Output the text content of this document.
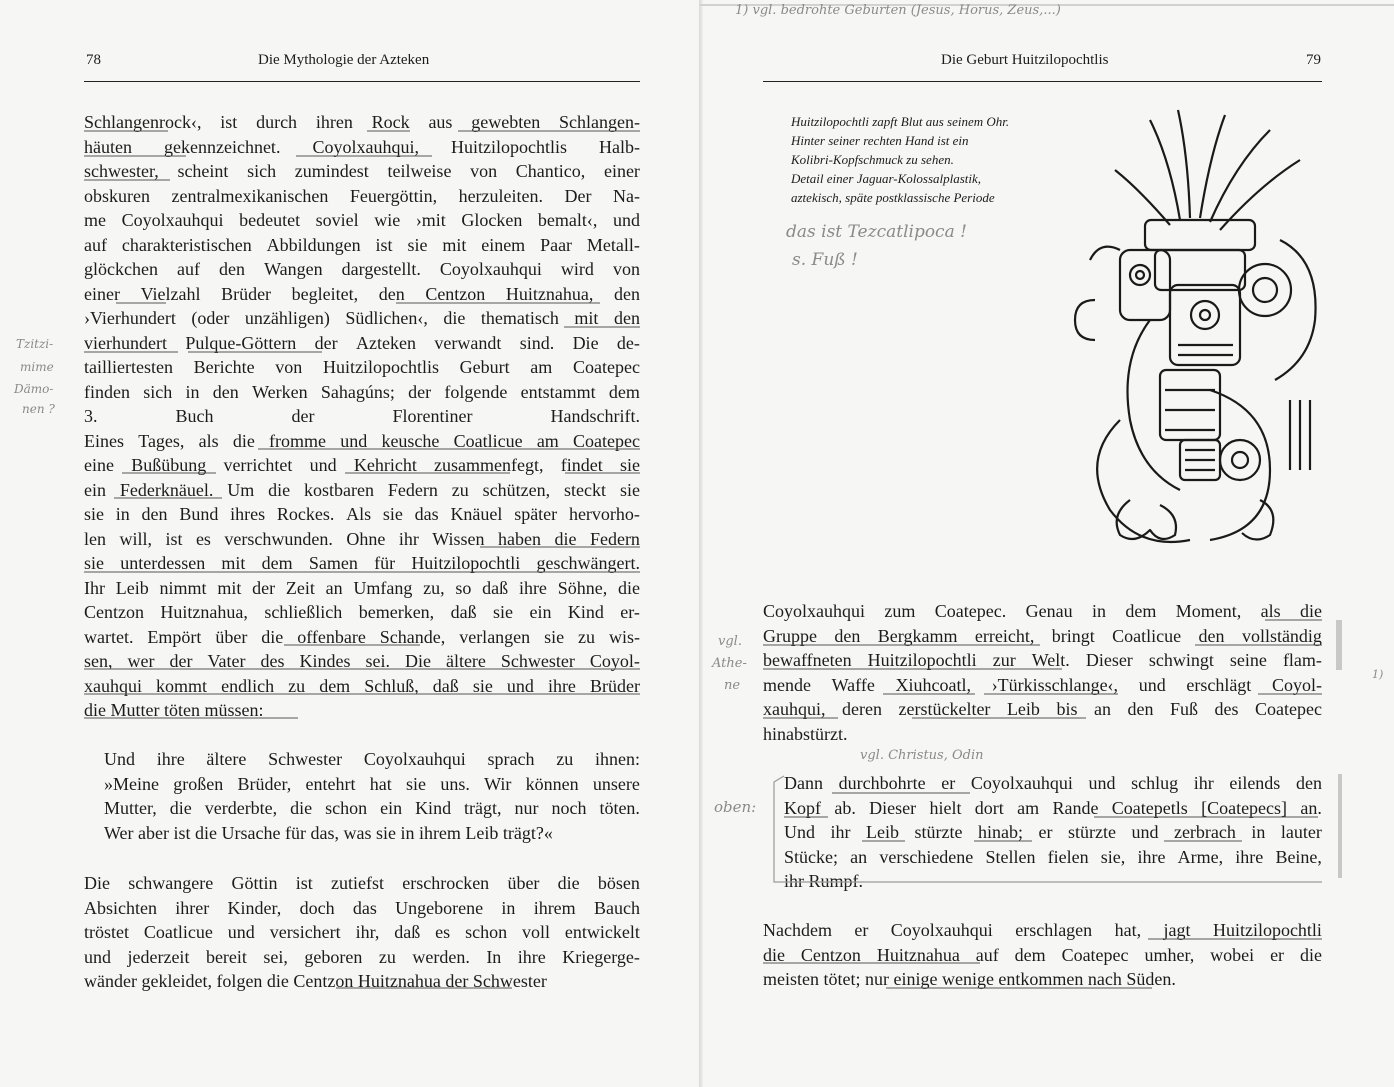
78	Die Mythologie der Azteken	Die Geburt Huitzilopochtlis	79
Schlangenrock‹, ist durch ihren Rock aus gewebten Schlangen-
häuten gekennzeichnet. Coyolxauhqui, Huitzilopochtlis Halb-
schwester, scheint sich zumindest teilweise von Chantico, einer
obskuren zentralmexikanischen Feuergöttin, herzuleiten. Der Na-
me Coyolxauhqui bedeutet soviel wie ›mit Glocken bemalt‹, und
auf charakteristischen Abbildungen ist sie mit einem Paar Metall-
glöckchen auf den Wangen dargestellt. Coyolxauhqui wird von
einer Vielzahl Brüder begleitet, den Centzon Huitznahua, den
›Vierhundert (oder unzähligen) Südlichen‹, die thematisch mit den
vierhundert Pulque-Göttern der Azteken verwandt sind. Die de-
tailliertesten Berichte von Huitzilopochtlis Geburt am Coatepec
finden sich in den Werken Sahagúns; der folgende entstammt dem
3.	Buch	der	Florentiner	Handschrift.
Eines Tages, als die fromme und keusche Coatlicue am Coatepec
eine Bußübung verrichtet und Kehricht zusammenfegt, findet sie
ein Federknäuel. Um die kostbaren Federn zu schützen, steckt sie
sie in den Bund ihres Rockes. Als sie das Knäuel später hervorho-
len will, ist es verschwunden. Ohne ihr Wissen haben die Federn
sie unterdessen mit dem Samen für Huitzilopochtli geschwängert.
Ihr Leib nimmt mit der Zeit an Umfang zu, so daß ihre Söhne, die
Centzon Huitznahua, schließlich bemerken, daß sie ein Kind er-
wartet. Empört über die offenbare Schande, verlangen sie zu wis-
sen, wer der Vater des Kindes sei. Die ältere Schwester Coyol-
xauhqui kommt endlich zu dem Schluß, daß sie und ihre Brüder
die Mutter töten müssen:
Und ihre ältere Schwester Coyolxauhqui sprach zu ihnen:
»Meine großen Brüder, entehrt hat sie uns. Wir können unsere
Mutter, die verderbte, die schon ein Kind trägt, nur noch töten.
Wer aber ist die Ursache für das, was sie in ihrem Leib trägt?«
Die schwangere Göttin ist zutiefst erschrocken über die bösen
Absichten ihrer Kinder, doch das Ungeborene in ihrem Bauch
tröstet Coatlicue und versichert ihr, daß es schon voll entwickelt
und jederzeit bereit sei, geboren zu werden. In ihre Kriegerge-
wänder gekleidet, folgen die Centzon Huitznahua der Schwester
Huitzilopochtli zapft Blut aus seinem Ohr.
Hinter seiner rechten Hand ist ein
Kolibri-Kopfschmuck zu sehen.
Detail einer Jaguar-Kolossalplastik,
aztekisch, späte postklassische Periode
Coyolxauhqui zum Coatepec. Genau in dem Moment, als die
Gruppe den Bergkamm erreicht, bringt Coatlicue den vollständig
bewaffneten Huitzilopochtli zur Welt. Dieser schwingt seine flam-
mende Waffe Xiuhcoatl, ›Türkisschlange‹, und erschlägt Coyol-
xauhqui, deren zerstückelter Leib bis an den Fuß des Coatepec
hinabstürzt.
Dann durchbohrte er Coyolxauhqui und schlug ihr eilends den
Kopf ab. Dieser hielt dort am Rande Coatepetls [Coatepecs] an.
Und ihr Leib stürzte hinab; er stürzte und zerbrach in lauter
Stücke; an verschiedene Stellen fielen sie, ihre Arme, ihre Beine,
ihr Rumpf.
Nachdem er Coyolxauhqui erschlagen hat, jagt Huitzilopochtli
die Centzon Huitznahua auf dem Coatepec umher, wobei er die
meisten tötet; nur einige wenige entkommen nach Süden.
1) vgl. bedrohte Geburten (Jesus, Horus, Zeus,...)
das ist Tezcatlipoca !
s. Fuß !
vgl. Christus, Odin
oben:
1)
vgl.
Athe-
ne
Tzitzi-
mime
Dämo-
nen ?
